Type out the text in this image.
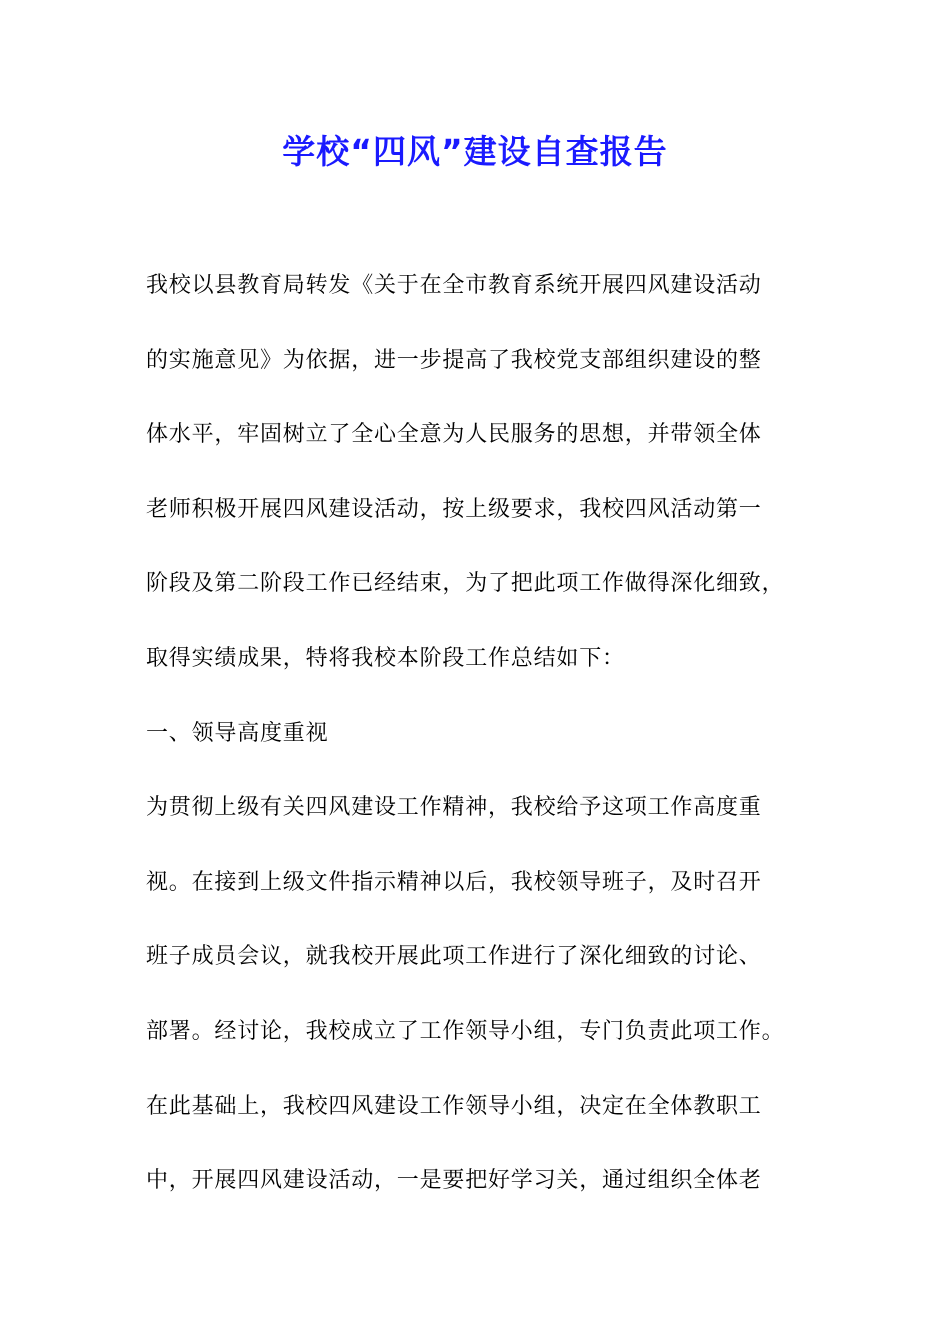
学校“四风”建设自查报告
我校以县教育局转发《关于在全市教育系统开展四风建设活动
的实施意见》为依据，进一步提高了我校党支部组织建设的整
体水平，牢固树立了全心全意为人民服务的思想，并带领全体
老师积极开展四风建设活动，按上级要求，我校四风活动第一
阶段及第二阶段工作已经结束，为了把此项工作做得深化细致，
取得实绩成果，特将我校本阶段工作总结如下：
一、领导高度重视
为贯彻上级有关四风建设工作精神，我校给予这项工作高度重
视。在接到上级文件指示精神以后，我校领导班子，及时召开
班子成员会议，就我校开展此项工作进行了深化细致的讨论、
部署。经讨论，我校成立了工作领导小组，专门负责此项工作。
在此基础上，我校四风建设工作领导小组，决定在全体教职工
中，开展四风建设活动，一是要把好学习关，通过组织全体老
